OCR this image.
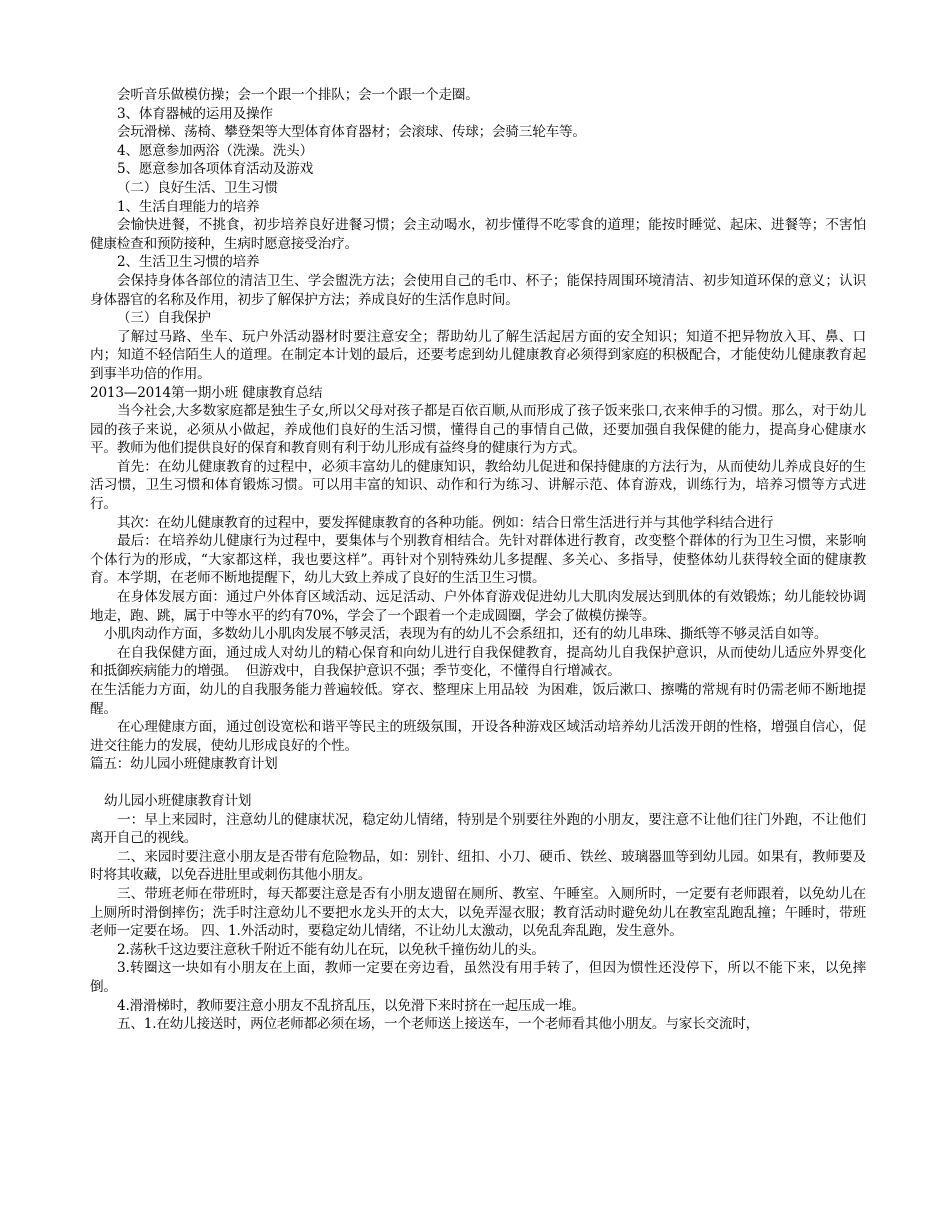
会听音乐做模仿操；会一个跟一个排队；会一个跟一个走圈。

3、体育器械的运用及操作

会玩滑梯、荡椅、攀登架等大型体育体育器材；会滚球、传球；会骑三轮车等。

4、愿意参加两浴（洗澡。洗头）

5、愿意参加各项体育活动及游戏

（二）良好生活、卫生习惯

1、生活自理能力的培养

会愉快进餐，不挑食，初步培养良好进餐习惯；会主动喝水，初步懂得不吃零食的道理；能按时睡觉、起床、进餐等；不害怕健康检查和预防接种，生病时愿意接受治疗。

2、生活卫生习惯的培养

会保持身体各部位的清洁卫生、学会盥洗方法；会使用自己的毛巾、杯子；能保持周围环境清洁、初步知道环保的意义；认识身体器官的名称及作用，初步了解保护方法；养成良好的生活作息时间。

（三）自我保护

了解过马路、坐车、玩户外活动器材时要注意安全；帮助幼儿了解生活起居方面的安全知识；知道不把异物放入耳、鼻、口内；知道不轻信陌生人的道理。在制定本计划的最后，还要考虑到幼儿健康教育必须得到家庭的积极配合，才能使幼儿健康教育起到事半功倍的作用。

2013—2014第一期小班 健康教育总结

当今社会,大多数家庭都是独生子女,所以父母对孩子都是百依百顺,从而形成了孩子饭来张口,衣来伸手的习惯。那么，对于幼儿园的孩子来说，必须从小做起，养成他们良好的生活习惯，懂得自己的事情自己做，还要加强自我保健的能力，提高身心健康水平。教师为他们提供良好的保育和教育则有利于幼儿形成有益终身的健康行为方式。

首先：在幼儿健康教育的过程中，必须丰富幼儿的健康知识，教给幼儿促进和保持健康的方法行为，从而使幼儿养成良好的生活习惯，卫生习惯和体育锻炼习惯。可以用丰富的知识、动作和行为练习、讲解示范、体育游戏，训练行为，培养习惯等方式进行。

其次：在幼儿健康教育的过程中，要发挥健康教育的各种功能。例如：结合日常生活进行并与其他学科结合进行

最后：在培养幼儿健康行为过程中，要集体与个别教育相结合。先针对群体进行教育，改变整个群体的行为卫生习惯，来影响个体行为的形成，“大家都这样，我也要这样”。再针对个别特殊幼儿多提醒、多关心、多指导，使整体幼儿获得较全面的健康教育。本学期，在老师不断地提醒下，幼儿大致上养成了良好的生活卫生习惯。

在身体发展方面：通过户外体育区域活动、远足活动、户外体育游戏促进幼儿大肌肉发展达到肌体的有效锻炼；幼儿能较协调地走，跑、跳，属于中等水平的约有70%，学会了一个跟着一个走成圆圈，学会了做模仿操等。

小肌肉动作方面，多数幼儿小肌肉发展不够灵活，表现为有的幼儿不会系纽扣，还有的幼儿串珠、撕纸等不够灵活自如等。

在自我保健方面，通过成人对幼儿的精心保育和向幼儿进行自我保健教育，提高幼儿自我保护意识，从而使幼儿适应外界变化和抵御疾病能力的增强。  但游戏中，自我保护意识不强；季节变化，不懂得自行增减衣。

在生活能力方面，幼儿的自我服务能力普遍较低。穿衣、整理床上用品较  为困难，饭后漱口、擦嘴的常规有时仍需老师不断地提醒。

在心理健康方面，通过创设宽松和谐平等民主的班级氛围，开设各种游戏区域活动培养幼儿活泼开朗的性格，增强自信心，促进交往能力的发展，使幼儿形成良好的个性。

篇五：幼儿园小班健康教育计划

幼儿园小班健康教育计划

一：早上来园时，注意幼儿的健康状况，稳定幼儿情绪，特别是个别要往外跑的小朋友，要注意不让他们往门外跑，不让他们离开自己的视线。

二、来园时要注意小朋友是否带有危险物品，如：别针、纽扣、小刀、硬币、铁丝、玻璃器皿等到幼儿园。如果有，教师要及时将其收藏，以免吞进肚里或刺伤其他小朋友。

三、带班老师在带班时，每天都要注意是否有小朋友遗留在厕所、教室、午睡室。入厕所时，一定要有老师跟着，以免幼儿在上厕所时滑倒摔伤；洗手时注意幼儿不要把水龙头开的太大，以免弄湿衣服；教育活动时避免幼儿在教室乱跑乱撞；午睡时，带班老师一定要在场。 四、1.外活动时，要稳定幼儿情绪，不让幼儿太激动，以免乱奔乱跑，发生意外。

2.荡秋千这边要注意秋千附近不能有幼儿在玩，以免秋千撞伤幼儿的头。

3.转圈这一块如有小朋友在上面，教师一定要在旁边看，虽然没有用手转了，但因为惯性还没停下，所以不能下来，以免摔倒。

4.滑滑梯时，教师要注意小朋友不乱挤乱压，以免滑下来时挤在一起压成一堆。

五、1.在幼儿接送时，两位老师都必须在场，一个老师送上接送车，一个老师看其他小朋友。与家长交流时，
